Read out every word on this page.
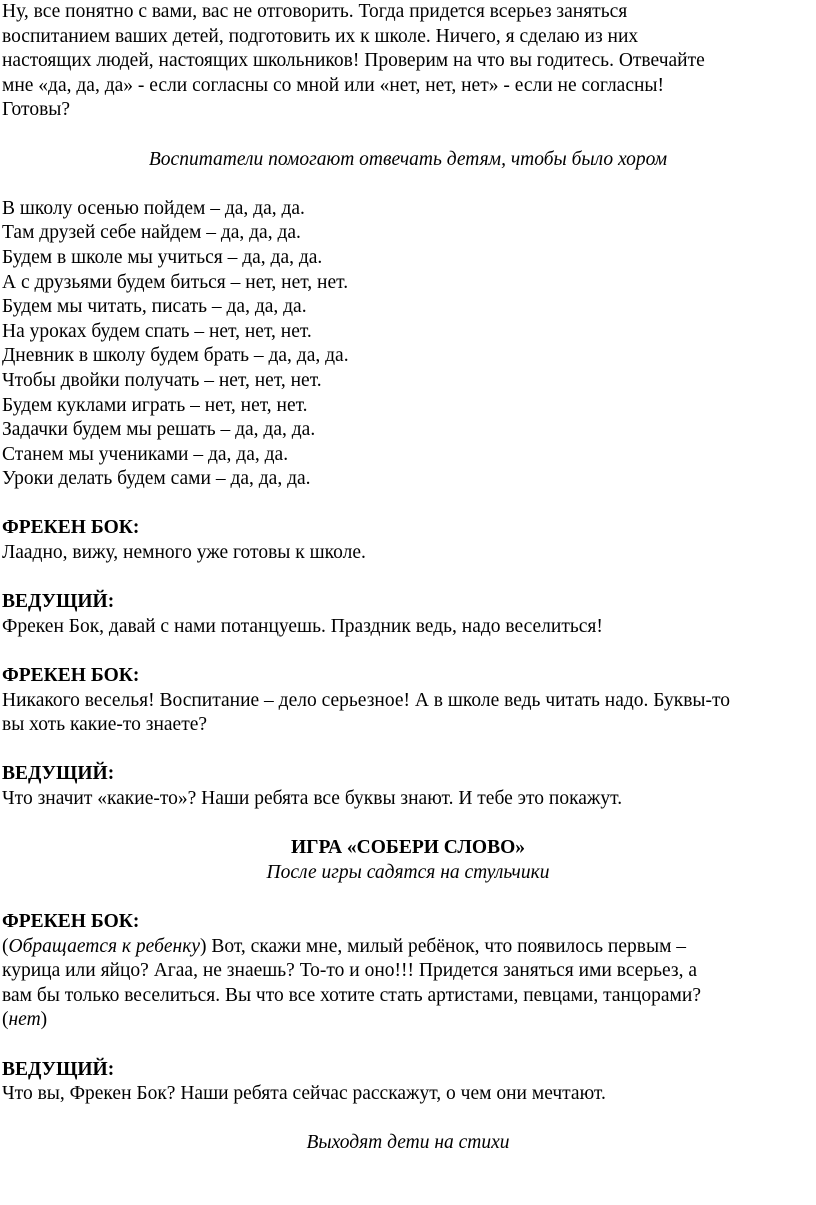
Ну, все понятно с вами, вас не отговорить. Тогда придется всерьез заняться

воспитанием ваших детей, подготовить их к школе. Ничего, я сделаю из них

настоящих людей, настоящих школьников! Проверим на что вы годитесь. Отвечайте

мне «да, да, да» - если согласны со мной или «нет, нет, нет» - если не согласны!

Готовы?

Воспитатели помогают отвечать детям, чтобы было хором

В школу осенью пойдем – да, да, да.

Там друзей себе найдем – да, да, да.

Будем в школе мы учиться – да, да, да.

А с друзьями будем биться – нет, нет, нет.

Будем мы читать, писать – да, да, да.

На уроках будем спать – нет, нет, нет.

Дневник в школу будем брать – да, да, да.

Чтобы двойки получать – нет, нет, нет.

Будем куклами играть – нет, нет, нет.

Задачки будем мы решать – да, да, да.

Станем мы учениками – да, да, да.

Уроки делать будем сами – да, да, да.

ФРЕКЕН БОК:

Лаадно, вижу, немного уже готовы к школе.

ВЕДУЩИЙ:

Фрекен Бок, давай с нами потанцуешь. Праздник ведь, надо веселиться!

ФРЕКЕН БОК:

Никакого веселья! Воспитание – дело серьезное! А в школе ведь читать надо. Буквы-то

вы хоть какие-то знаете?

ВЕДУЩИЙ:

Что значит «какие-то»? Наши ребята все буквы знают. И тебе это покажут.

ИГРА «СОБЕРИ СЛОВО»

После игры садятся на стульчики

ФРЕКЕН БОК:

(Обращается к ребенку) Вот, скажи мне, милый ребёнок, что появилось первым –

курица или яйцо? Агаа, не знаешь? То-то и оно!!! Придется заняться ими всерьез, а

вам бы только веселиться. Вы что все хотите стать артистами, певцами, танцорами?

(нет)

ВЕДУЩИЙ:

Что вы, Фрекен Бок? Наши ребята сейчас расскажут, о чем они мечтают.

Выходят дети на стихи
